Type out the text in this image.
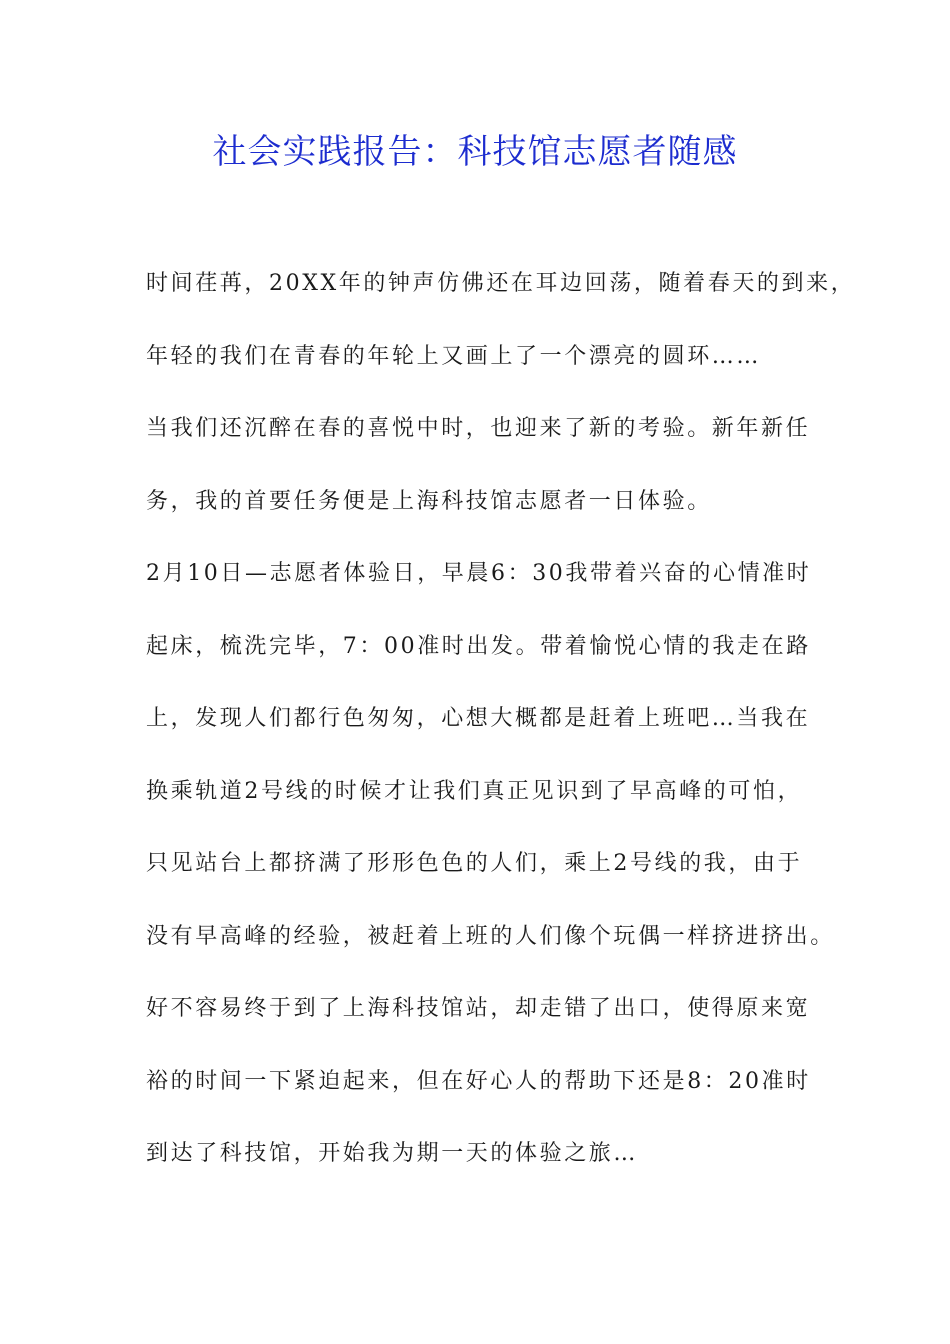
社会实践报告：科技馆志愿者随感
时间荏苒，20XX年的钟声仿佛还在耳边回荡，随着春天的到来，
年轻的我们在青春的年轮上又画上了一个漂亮的圆环……
当我们还沉醉在春的喜悦中时，也迎来了新的考验。新年新任
务，我的首要任务便是上海科技馆志愿者一日体验。
2月10日—志愿者体验日，早晨6：30我带着兴奋的心情准时
起床，梳洗完毕，7：00准时出发。带着愉悦心情的我走在路
上，发现人们都行色匆匆，心想大概都是赶着上班吧…当我在
换乘轨道2号线的时候才让我们真正见识到了早高峰的可怕，
只见站台上都挤满了形形色色的人们，乘上2号线的我，由于
没有早高峰的经验，被赶着上班的人们像个玩偶一样挤进挤出。
好不容易终于到了上海科技馆站，却走错了出口，使得原来宽
裕的时间一下紧迫起来，但在好心人的帮助下还是8：20准时
到达了科技馆，开始我为期一天的体验之旅…
